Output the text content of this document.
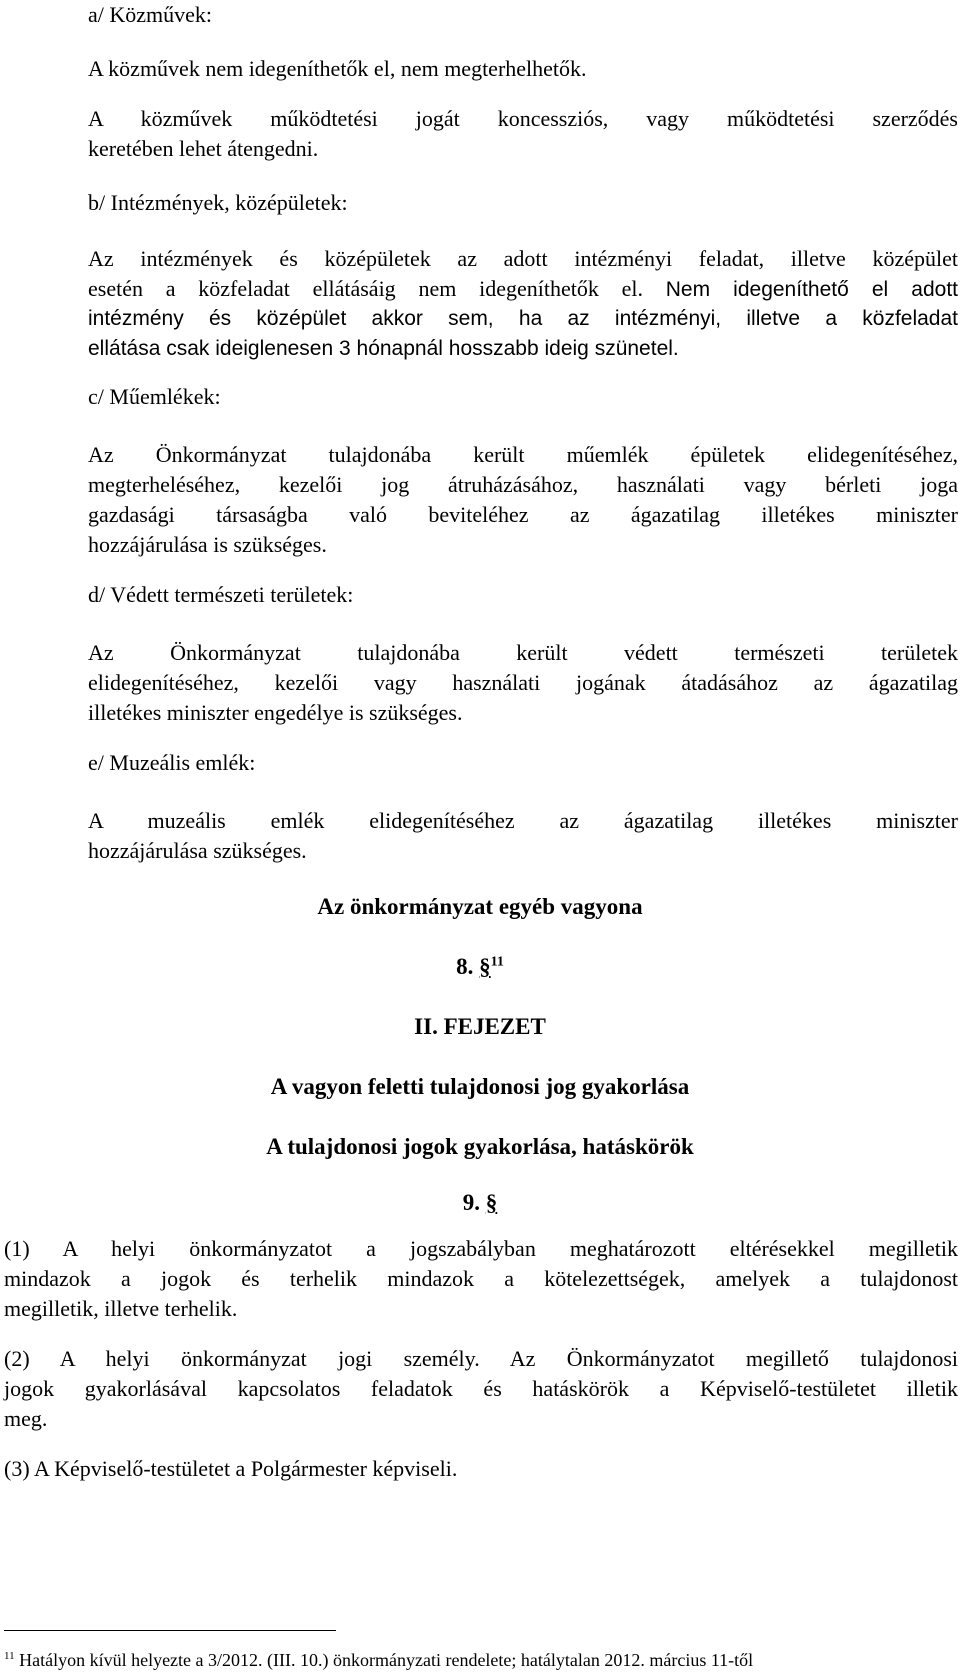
a/ Közművek:
A közművek nem idegeníthetők el, nem megterhelhetők.
A közművek működtetési jogát koncessziós, vagy működtetési szerződés
keretében lehet átengedni.
b/ Intézmények, középületek:
Az intézmények és középületek az adott intézményi feladat, illetve középület
esetén a közfeladat ellátásáig nem idegeníthetők el. Nem idegeníthető el adott
intézmény és középület akkor sem, ha az intézményi, illetve a közfeladat
ellátása csak ideiglenesen 3 hónapnál hosszabb ideig szünetel.
c/ Műemlékek:
Az Önkormányzat tulajdonába került műemlék épületek elidegenítéséhez,
megterheléséhez, kezelői jog átruházásához, használati vagy bérleti joga
gazdasági társaságba való beviteléhez az ágazatilag illetékes miniszter
hozzájárulása is szükséges.
d/ Védett természeti területek:
Az Önkormányzat tulajdonába került védett természeti területek
elidegenítéséhez, kezelői vagy használati jogának átadásához az ágazatilag
illetékes miniszter engedélye is szükséges.
e/ Muzeális emlék:
A muzeális emlék elidegenítéséhez az ágazatilag illetékes miniszter
hozzájárulása szükséges.
Az önkormányzat egyéb vagyona
8. §$^{11}$
II. FEJEZET
A vagyon feletti tulajdonosi jog gyakorlása
A tulajdonosi jogok gyakorlása, hatáskörök
9. §
(1) A helyi önkormányzatot a jogszabályban meghatározott eltérésekkel megilletik
mindazok a jogok és terhelik mindazok a kötelezettségek, amelyek a tulajdonost
megilletik, illetve terhelik.
(2) A helyi önkormányzat jogi személy. Az Önkormányzatot megillető tulajdonosi
jogok gyakorlásával kapcsolatos feladatok és hatáskörök a Képviselő-testületet illetik
meg.
(3) A Képviselő-testületet a Polgármester képviseli.
$^{11}$ Hatályon kívül helyezte a 3/2012. (III. 10.) önkormányzati rendelete; hatálytalan 2012. március 11-től
